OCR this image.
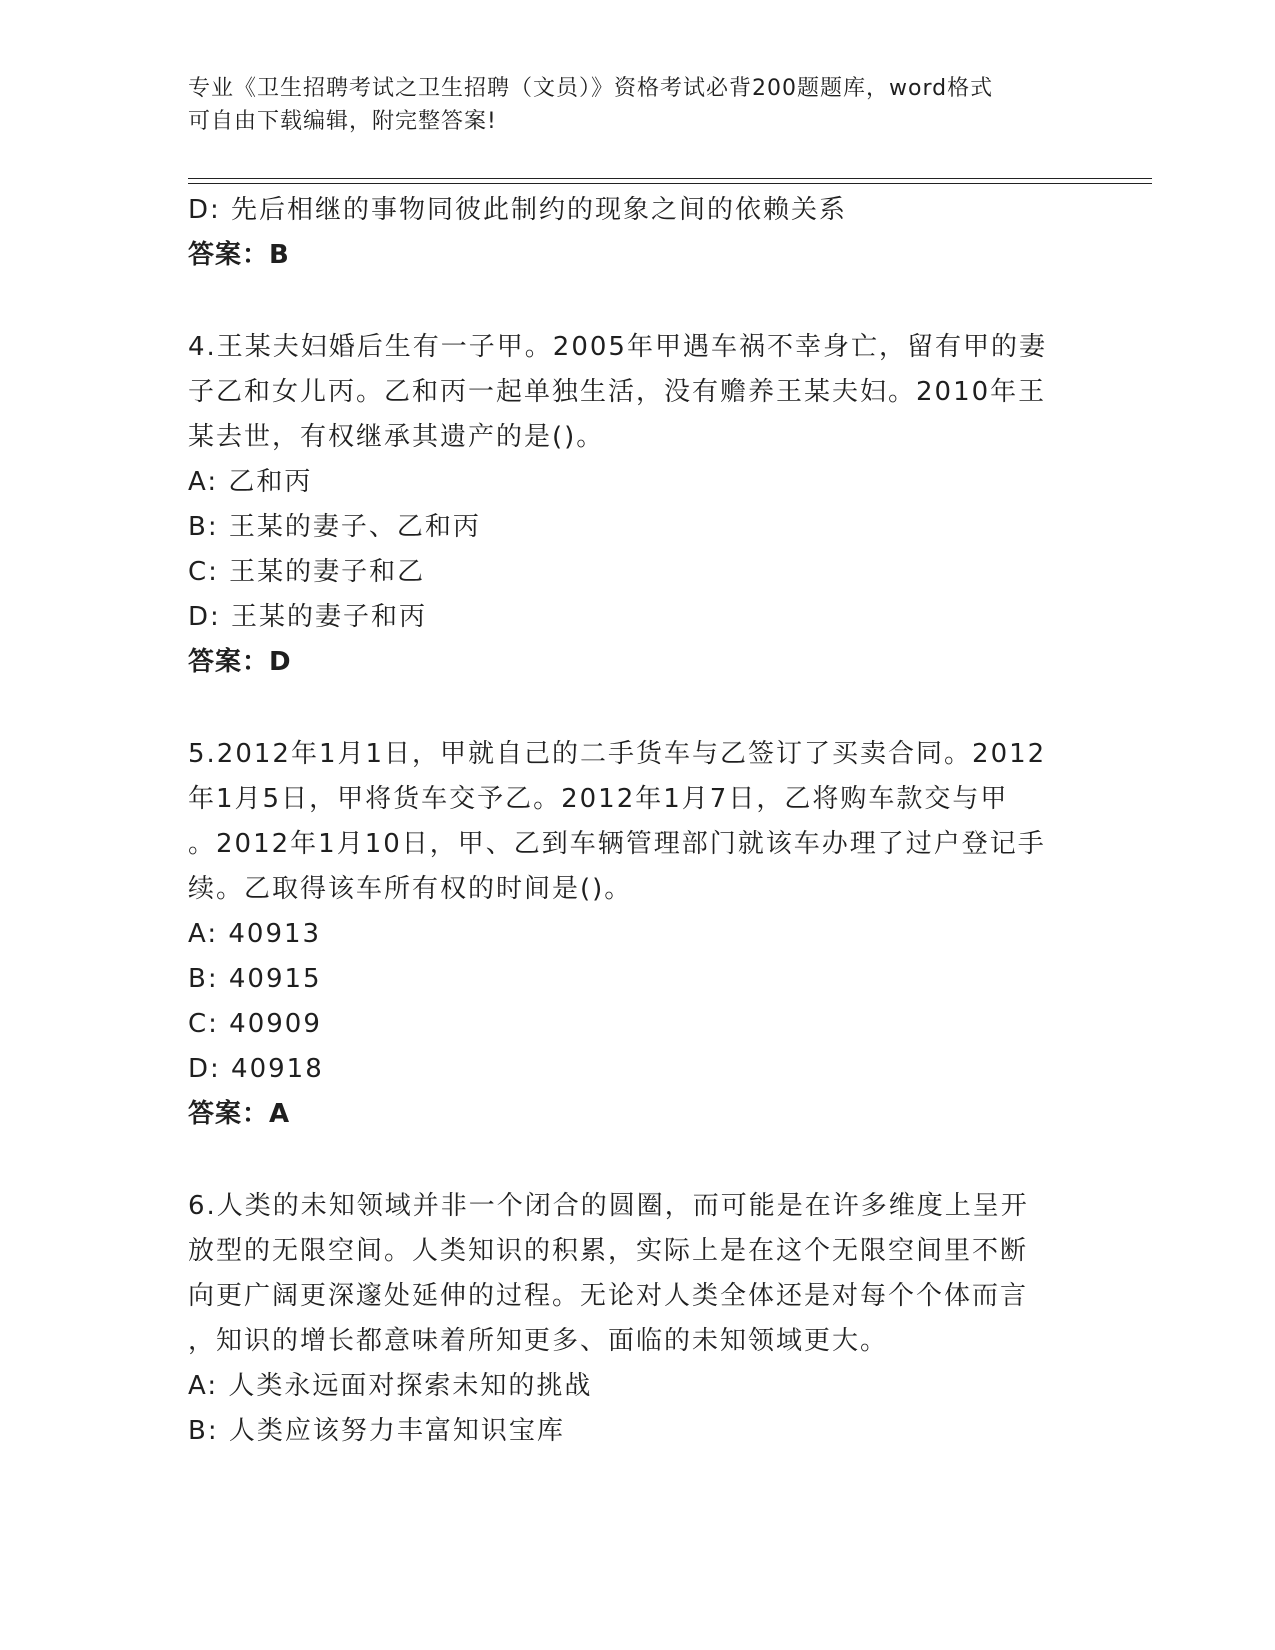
专业《卫生招聘考试之卫生招聘（文员）》资格考试必背200题题库，word格式
可自由下载编辑，附完整答案!
D: 先后相继的事物同彼此制约的现象之间的依赖关系
答案：B
4.王某夫妇婚后生有一子甲。2005年甲遇车祸不幸身亡，留有甲的妻
子乙和女儿丙。乙和丙一起单独生活，没有赡养王某夫妇。2010年王
某去世，有权继承其遗产的是()。
A: 乙和丙
B: 王某的妻子、乙和丙
C: 王某的妻子和乙
D: 王某的妻子和丙
答案：D
5.2012年1月1日，甲就自己的二手货车与乙签订了买卖合同。2012
年1月5日，甲将货车交予乙。2012年1月7日，乙将购车款交与甲
。2012年1月10日，甲、乙到车辆管理部门就该车办理了过户登记手
续。乙取得该车所有权的时间是()。
A: 40913
B: 40915
C: 40909
D: 40918
答案：A
6.人类的未知领域并非一个闭合的圆圈，而可能是在许多维度上呈开
放型的无限空间。人类知识的积累，实际上是在这个无限空间里不断
向更广阔更深邃处延伸的过程。无论对人类全体还是对每个个体而言
，知识的增长都意味着所知更多、面临的未知领域更大。
A: 人类永远面对探索未知的挑战
B: 人类应该努力丰富知识宝库
